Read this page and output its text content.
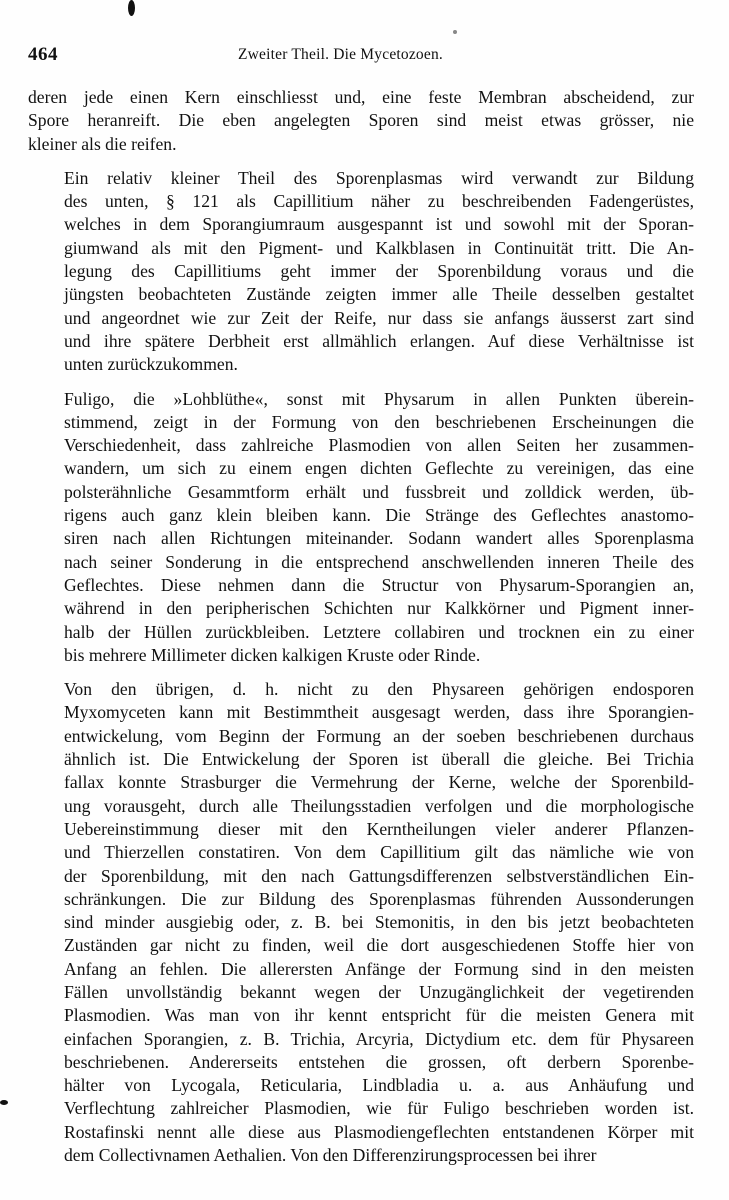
464	Zweiter Theil. Die Mycetozoen.
deren jede einen Kern einschliesst und, eine feste Membran abscheidend, zur
Spore heranreift. Die eben angelegten Sporen sind meist etwas grösser, nie
kleiner als die reifen.
Ein relativ kleiner Theil des Sporenplasmas wird verwandt zur Bildung
des unten, § 121 als Capillitium näher zu beschreibenden Fadengerüstes,
welches in dem Sporangiumraum ausgespannt ist und sowohl mit der Sporan-
giumwand als mit den Pigment- und Kalkblasen in Continuität tritt. Die An-
legung des Capillitiums geht immer der Sporenbildung voraus und die
jüngsten beobachteten Zustände zeigten immer alle Theile desselben gestaltet
und angeordnet wie zur Zeit der Reife, nur dass sie anfangs äusserst zart sind
und ihre spätere Derbheit erst allmählich erlangen. Auf diese Verhältnisse ist
unten zurückzukommen.
Fuligo, die »Lohblüthe«, sonst mit Physarum in allen Punkten überein-
stimmend, zeigt in der Formung von den beschriebenen Erscheinungen die
Verschiedenheit, dass zahlreiche Plasmodien von allen Seiten her zusammen-
wandern, um sich zu einem engen dichten Geflechte zu vereinigen, das eine
polsterähnliche Gesammtform erhält und fussbreit und zolldick werden, üb-
rigens auch ganz klein bleiben kann. Die Stränge des Geflechtes anastomo-
siren nach allen Richtungen miteinander. Sodann wandert alles Sporenplasma
nach seiner Sonderung in die entsprechend anschwellenden inneren Theile des
Geflechtes. Diese nehmen dann die Structur von Physarum-Sporangien an,
während in den peripherischen Schichten nur Kalkkörner und Pigment inner-
halb der Hüllen zurückbleiben. Letztere collabiren und trocknen ein zu einer
bis mehrere Millimeter dicken kalkigen Kruste oder Rinde.
Von den übrigen, d. h. nicht zu den Physareen gehörigen endosporen
Myxomyceten kann mit Bestimmtheit ausgesagt werden, dass ihre Sporangien-
entwickelung, vom Beginn der Formung an der soeben beschriebenen durchaus
ähnlich ist. Die Entwickelung der Sporen ist überall die gleiche. Bei Trichia
fallax konnte Strasburger die Vermehrung der Kerne, welche der Sporenbild-
ung vorausgeht, durch alle Theilungsstadien verfolgen und die morphologische
Uebereinstimmung dieser mit den Kerntheilungen vieler anderer Pflanzen-
und Thierzellen constatiren. Von dem Capillitium gilt das nämliche wie von
der Sporenbildung, mit den nach Gattungsdifferenzen selbstverständlichen Ein-
schränkungen. Die zur Bildung des Sporenplasmas führenden Aussonderungen
sind minder ausgiebig oder, z. B. bei Stemonitis, in den bis jetzt beobachteten
Zuständen gar nicht zu finden, weil die dort ausgeschiedenen Stoffe hier von
Anfang an fehlen. Die allerersten Anfänge der Formung sind in den meisten
Fällen unvollständig bekannt wegen der Unzugänglichkeit der vegetirenden
Plasmodien. Was man von ihr kennt entspricht für die meisten Genera mit
einfachen Sporangien, z. B. Trichia, Arcyria, Dictydium etc. dem für Physareen
beschriebenen. Andererseits entstehen die grossen, oft derbern Sporenbe-
hälter von Lycogala, Reticularia, Lindbladia u. a. aus Anhäufung und
Verflechtung zahlreicher Plasmodien, wie für Fuligo beschrieben worden ist.
Rostafinski nennt alle diese aus Plasmodiengeflechten entstandenen Körper mit
dem Collectivnamen Aethalien. Von den Differenzirungsprocessen bei ihrer
